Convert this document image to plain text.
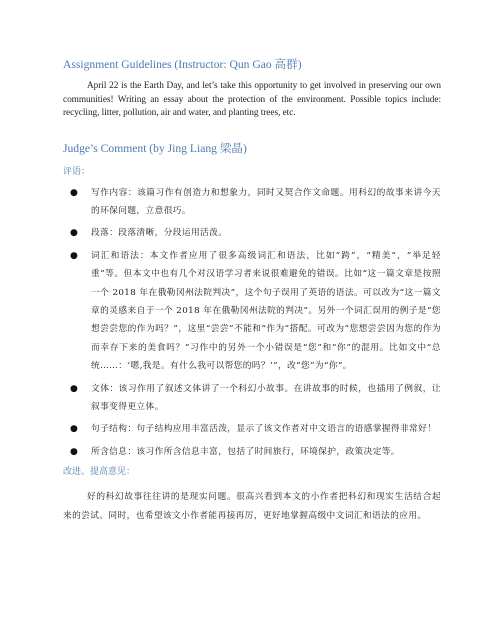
Assignment Guidelines (Instructor: Qun Gao 高群)

April 22 is the Earth Day, and let’s take this opportunity to get involved in preserving our own communities! Writing an essay about the protection of the environment. Possible topics include: recycling, litter, pollution, air and water, and planting trees, etc.

Judge’s Comment (by Jing Liang 梁晶)

评语：

● 写作内容：该篇习作有创造力和想象力，同时又契合作文命题。用科幻的故事来讲今天的环保问题，立意很巧。
● 段落：段落清晰，分段运用活泼。
● 词汇和语法：本文作者应用了很多高级词汇和语法，比如“跨”，“精美”，“举足轻重”等。但本文中也有几个对汉语学习者来说很难避免的错误。比如“这一篇文章是按照一个 2018 年在俄勒冈州法院判决”，这个句子误用了英语的语法。可以改为“这一篇文章的灵感来自于一个 2018 年在俄勒冈州法院的判决”。另外一个词汇误用的例子是“您想尝尝您的作为吗？”，这里“尝尝”不能和“作为”搭配。可改为“您想尝尝因为您的作为而幸存下来的美食吗？”习作中的另外一个小错误是“您”和“你”的混用。比如文中“总统……：‘嗯,我是。有什么我可以帮您的吗？’”，改“您”为“你”。
● 文体：该习作用了叙述文体讲了一个科幻小故事。在讲故事的时候，也插用了例叙，让叙事变得更立体。
● 句子结构：句子结构应用丰富活泼，显示了该文作者对中文语言的语感掌握得非常好！
● 所含信息：该习作所含信息丰富，包括了时间旅行，环境保护，政策决定等。

改进、提高意见：

好的科幻故事往往讲的是现实问题。很高兴看到本文的小作者把科幻和现实生活结合起来的尝试。同时，也希望该文小作者能再接再厉，更好地掌握高级中文词汇和语法的应用。
